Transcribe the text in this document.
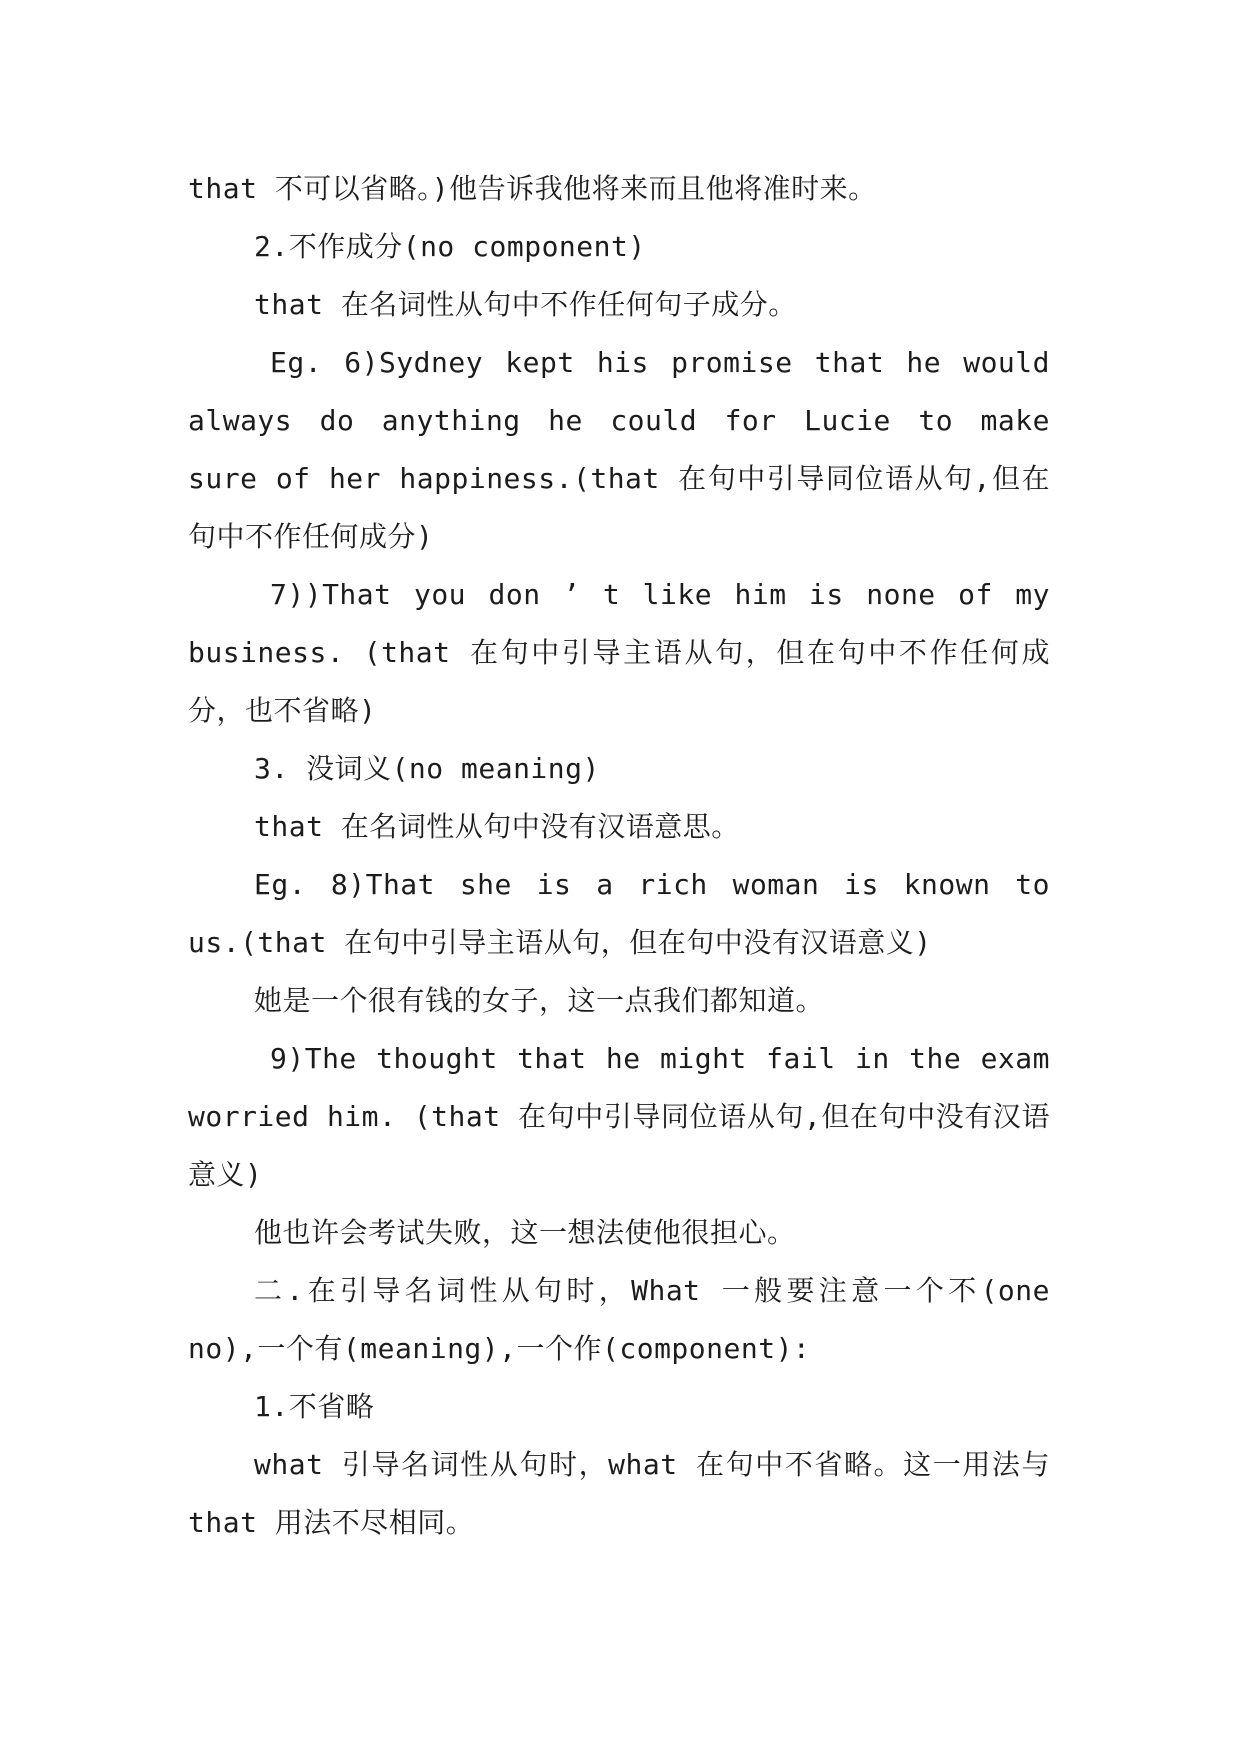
that 不可以省略。)他告诉我他将来而且他将准时来。

2.不作成分(no component)

that 在名词性从句中不作任何句子成分。

Eg. 6)Sydney kept his promise that he would always do anything he could for Lucie to make sure of her happiness.(that 在句中引导同位语从句,但在句中不作任何成分)

7))That you don ’ t like him is none of my business. (that 在句中引导主语从句，但在句中不作任何成分，也不省略)

3. 没词义(no meaning)

that 在名词性从句中没有汉语意思。

Eg. 8)That she is a rich woman is known to us.(that 在句中引导主语从句，但在句中没有汉语意义)

她是一个很有钱的女子，这一点我们都知道。

9)The thought that he might fail in the exam worried him. (that 在句中引导同位语从句,但在句中没有汉语意义)

他也许会考试失败，这一想法使他很担心。

二.在引导名词性从句时，What 一般要注意一个不(one no),一个有(meaning),一个作(component):

1.不省略

what 引导名词性从句时，what 在句中不省略。这一用法与 that 用法不尽相同。
